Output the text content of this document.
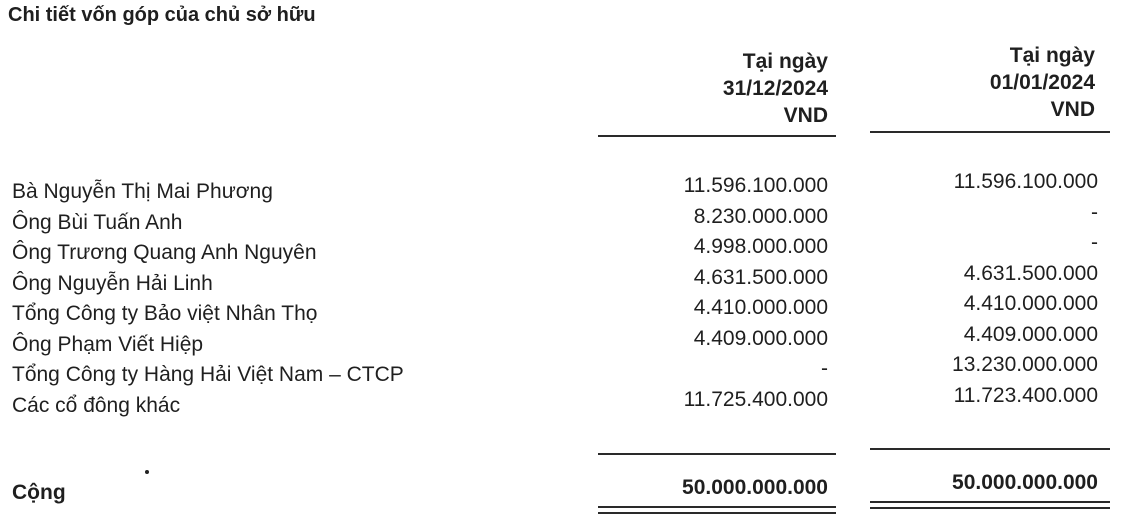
Chi tiết vốn góp của chủ sở hữu
Tại ngày
31/12/2024
VND
Tại ngày
01/01/2024
VND
Bà Nguyễn Thị Mai Phương	11.596.100.000	11.596.100.000
Ông Bùi Tuấn Anh	8.230.000.000	-
Ông Trương Quang Anh Nguyên	4.998.000.000	-
Ông Nguyễn Hải Linh	4.631.500.000	4.631.500.000
Tổng Công ty Bảo việt Nhân Thọ	4.410.000.000	4.410.000.000
Ông Phạm Viết Hiệp	4.409.000.000	4.409.000.000
Tổng Công ty Hàng Hải Việt Nam – CTCP	-	13.230.000.000
Các cổ đông khác	11.725.400.000	11.723.400.000
Cộng	50.000.000.000	50.000.000.000
